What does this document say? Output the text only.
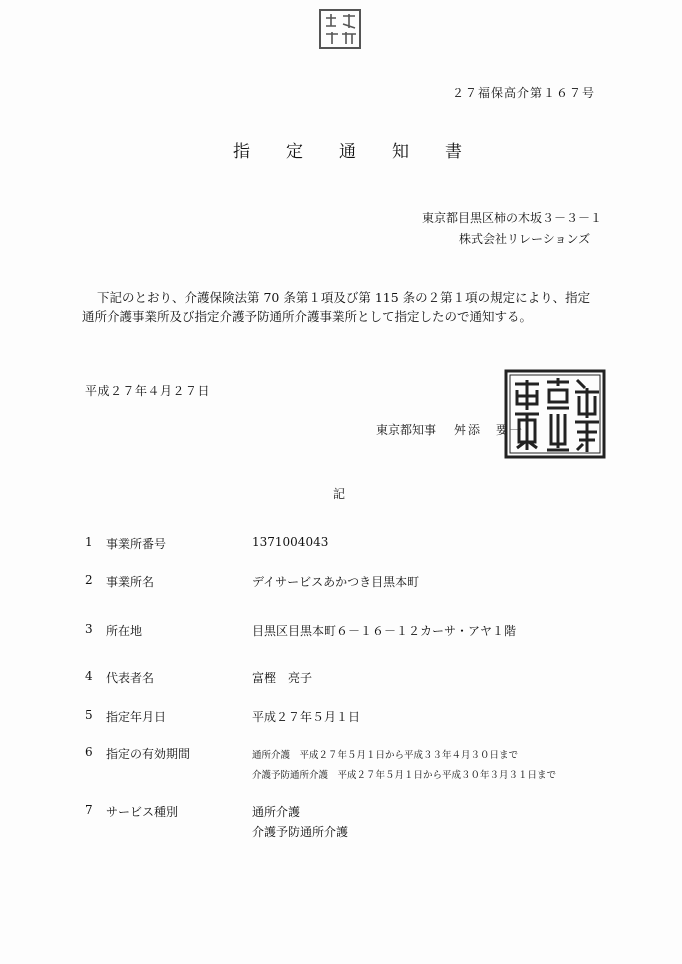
２７福保高介第１６７号
指定通知書
東京都目黒区柿の木坂３－３－１
株式会社リレーションズ
下記のとおり、介護保険法第 70 条第１項及び第 115 条の２第１項の規定により、指定
通所介護事業所及び指定介護予防通所介護事業所として指定したので通知する。
平成２７年４月２７日
東京都知事 舛添　要一
記
1 事業所番号	1371004043
2 事業所名	デイサービスあかつき目黒本町
3 所在地	目黒区目黒本町６－１６－１２カーサ・アヤ１階
4 代表者名	富樫　亮子
5 指定年月日	平成２７年５月１日
6 指定の有効期間	通所介護　平成２７年５月１日から平成３３年４月３０日まで
介護予防通所介護　平成２７年５月１日から平成３０年３月３１日まで
7 サービス種別	通所介護
介護予防通所介護
